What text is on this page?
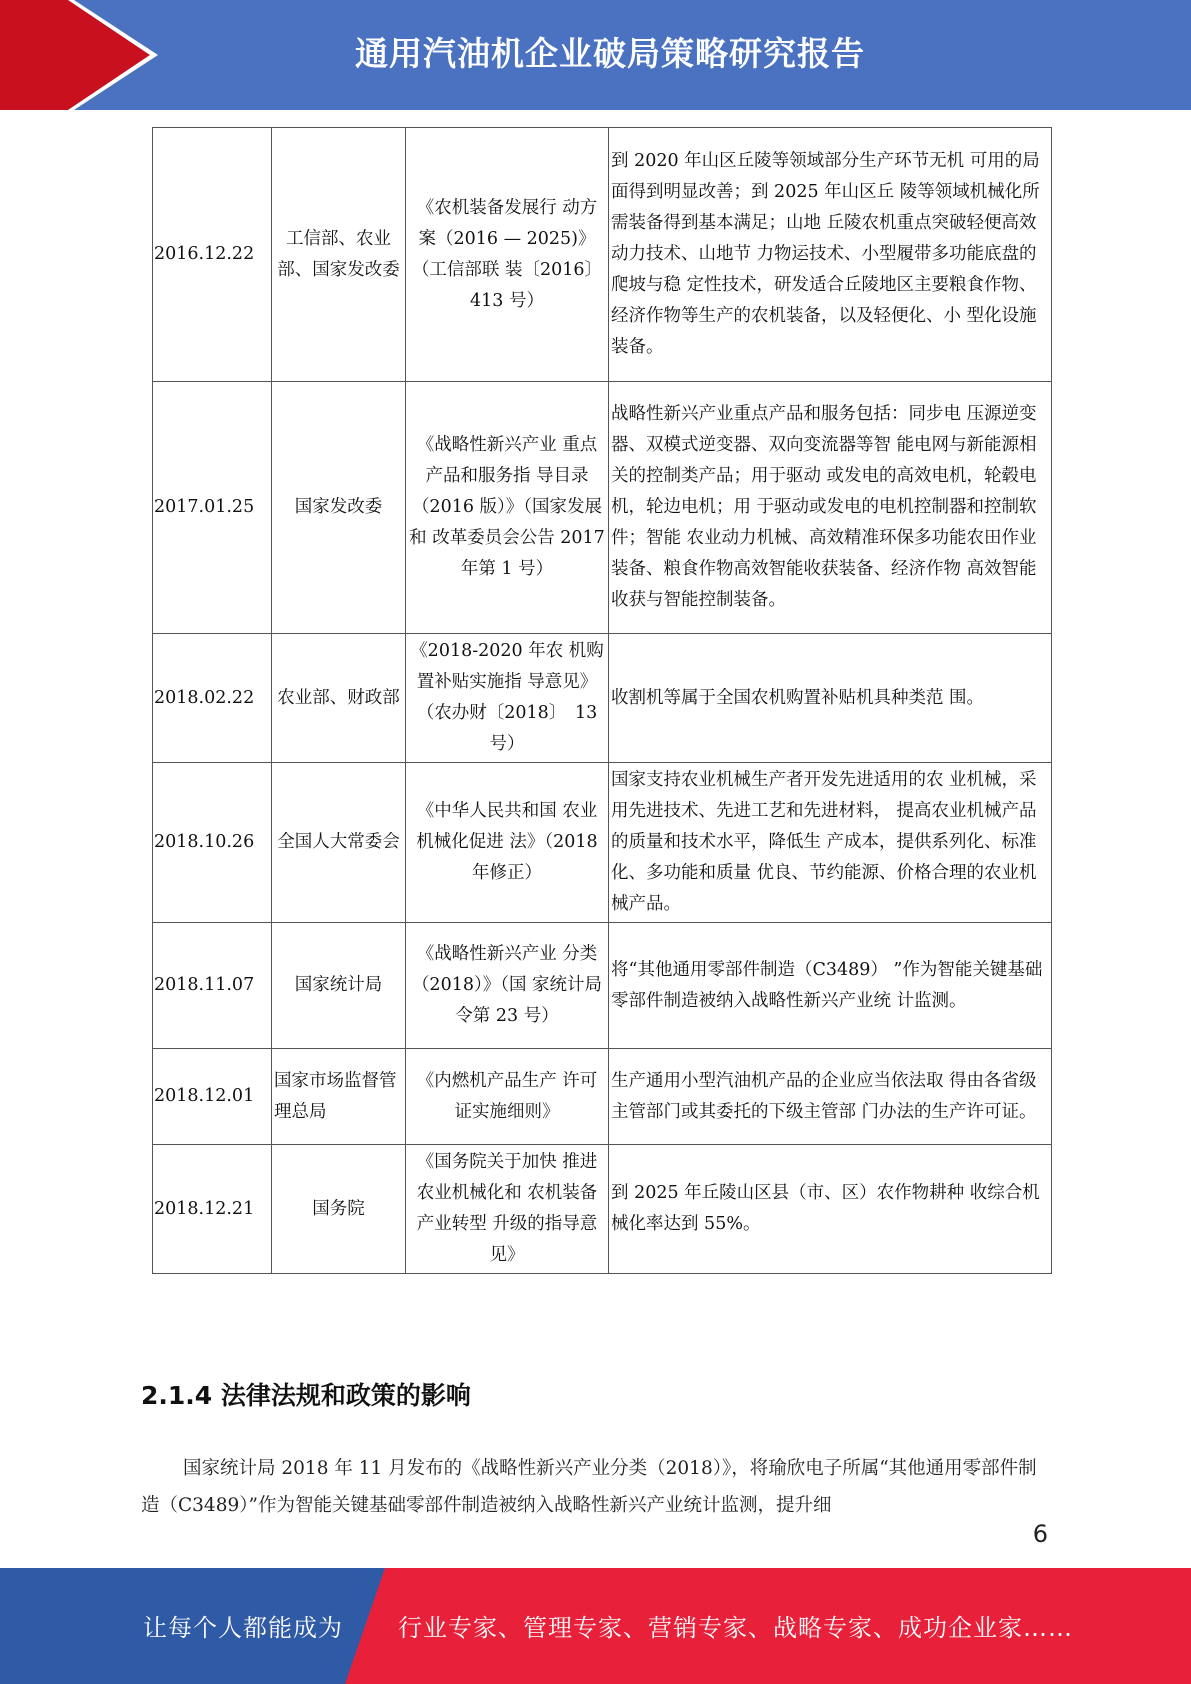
通用汽油机企业破局策略研究报告
2016.12.22	工信部、农业部、国家发改委	《农机装备发展行 动方案（2016 — 2025)》（工信部联 装〔2016〕413 号）	到 2020 年山区丘陵等领域部分生产环节无机 可用的局面得到明显改善；到 2025 年山区丘 陵等领域机械化所需装备得到基本满足；山地 丘陵农机重点突破轻便高效动力技术、山地节 力物运技术、小型履带多功能底盘的爬坡与稳 定性技术，研发适合丘陵地区主要粮食作物、 经济作物等生产的农机装备，以及轻便化、小 型化设施装备。
2017.01.25	国家发改委	《战略性新兴产业 重点产品和服务指 导目录（2016 版）》（国家发展和 改革委员会公告 2017 年第 1 号）	战略性新兴产业重点产品和服务包括：同步电 压源逆变器、双模式逆变器、双向变流器等智 能电网与新能源相关的控制类产品；用于驱动 或发电的高效电机，轮毂电机，轮边电机；用 于驱动或发电的电机控制器和控制软件；智能 农业动力机械、高效精准环保多功能农田作业 装备、粮食作物高效智能收获装备、经济作物 高效智能收获与智能控制装备。
2018.02.22	农业部、财政部	《2018-2020 年农 机购置补贴实施指 导意见》（农办财〔2018〕　13 号）	收割机等属于全国农机购置补贴机具种类范 围。
2018.10.26	全国人大常委会	《中华人民共和国 农业机械化促进 法》（2018 年修正）	国家支持农业机械生产者开发先进适用的农 业机械，采用先进技术、先进工艺和先进材料， 提高农业机械产品的质量和技术水平，降低生 产成本，提供系列化、标准化、多功能和质量 优良、节约能源、价格合理的农业机械产品。
2018.11.07	国家统计局	《战略性新兴产业 分类（2018）》（国 家统计局令第 23 号）	将“其他通用零部件制造（C3489） ”作为智能关键基础零部件制造被纳入战略性新兴产业统 计监测。
2018.12.01	国家市场监督管理总局	《内燃机产品生产 许可证实施细则》	生产通用小型汽油机产品的企业应当依法取 得由各省级主管部门或其委托的下级主管部 门办法的生产许可证。
2018.12.21	国务院	《国务院关于加快 推进农业机械化和 农机装备产业转型 升级的指导意见》	到 2025 年丘陵山区县（市、区）农作物耕种 收综合机械化率达到 55%。
2.1.4 法律法规和政策的影响
国家统计局 2018 年 11 月发布的《战略性新兴产业分类（2018）》，将瑜欣电子所属“其他通用零部件制造（C3489）”作为智能关键基础零部件制造被纳入战略性新兴产业统计监测，提升细
6
让每个人都能成为 行业专家、管理专家、营销专家、战略专家、成功企业家……
